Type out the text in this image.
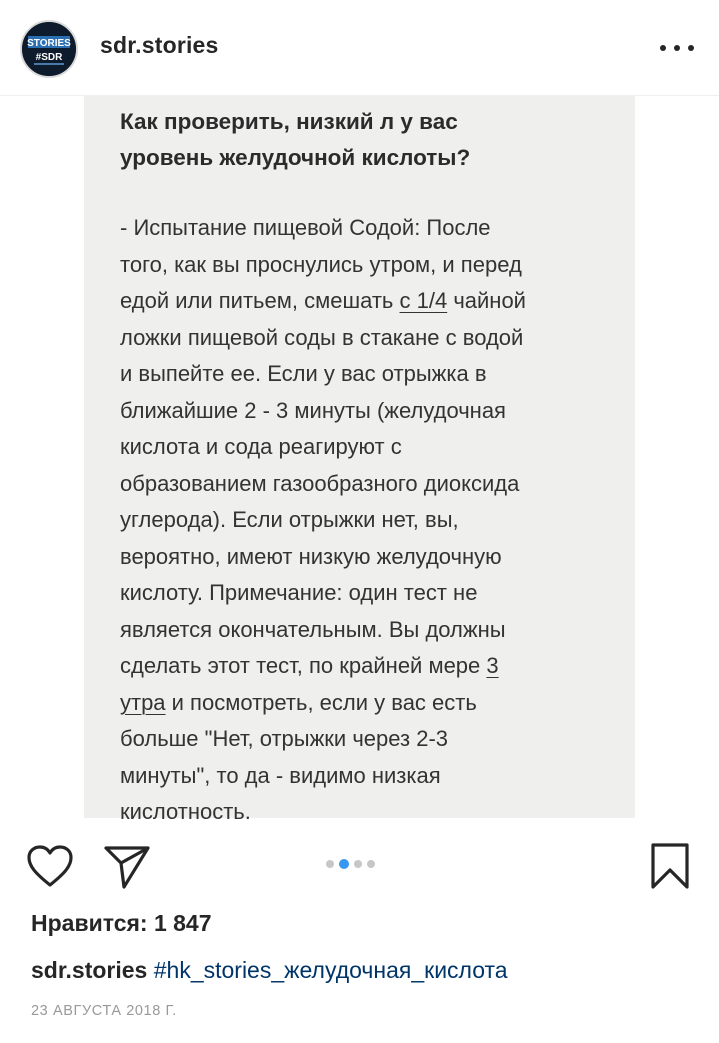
STORIES
#SDR sdr.stories
Как проверить, низкий л у вас
уровень желудочной кислоты?
- Испытание пищевой Содой: После
того, как вы проснулись утром, и перед
едой или питьем, смешать с 1/4 чайной
ложки пищевой соды в стакане с водой
и выпейте ее. Если у вас отрыжка в
ближайшие 2 - 3 минуты (желудочная
кислота и сода реагируют с
образованием газообразного диоксида
углерода). Если отрыжки нет, вы,
вероятно, имеют низкую желудочную
кислоту. Примечание: один тест не
является окончательным. Вы должны
сделать этот тест, по крайней мере 3
утра и посмотреть, если у вас есть
больше "Нет, отрыжки через 2-3
минуты", то да - видимо низкая
кислотность.
Нравится: 1 847
sdr.stories #hk_stories_желудочная_кислота
23 АВГУСТА 2018 Г.
